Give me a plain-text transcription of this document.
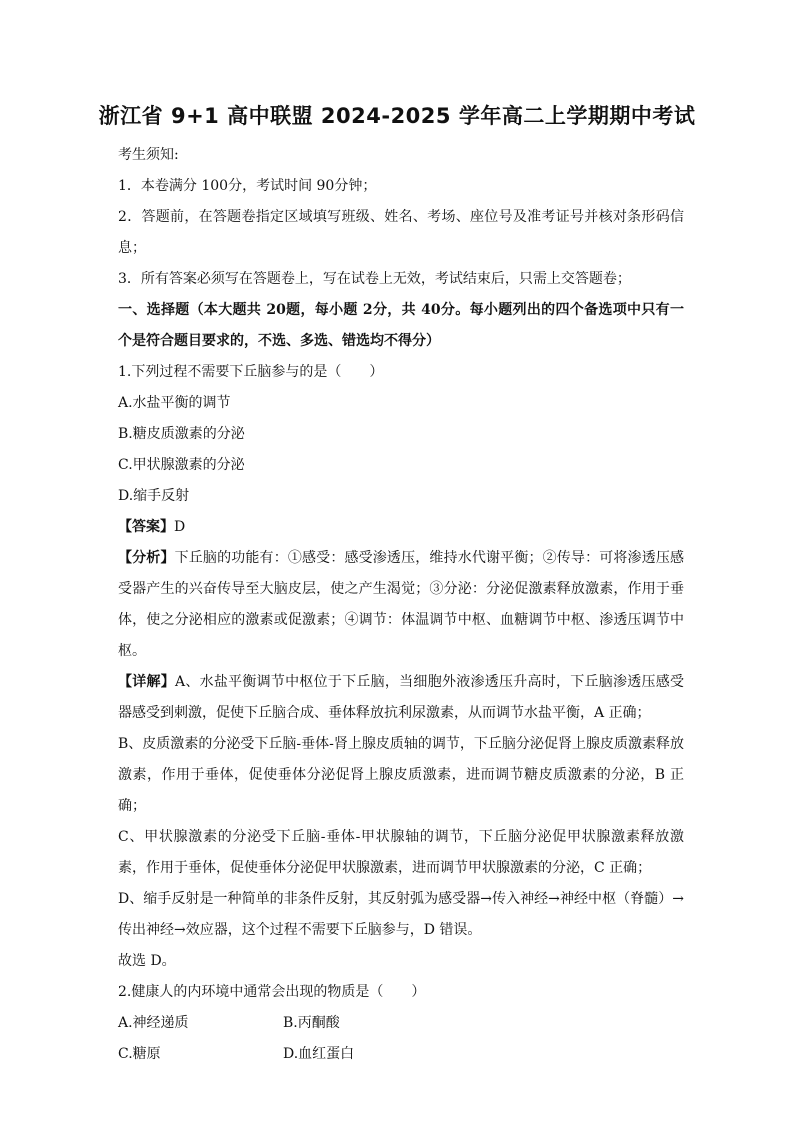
浙江省 9+1 高中联盟 2024-2025 学年高二上学期期中考试

考生须知:

1．本卷满分 100分，考试时间 90分钟；

2．答题前，在答题卷指定区域填写班级、姓名、考场、座位号及准考证号并核对条形码信息；

3．所有答案必须写在答题卷上，写在试卷上无效，考试结束后，只需上交答题卷；

一、选择题（本大题共 20题，每小题 2分，共 40分。每小题列出的四个备选项中只有一个是符合题目要求的，不选、多选、错选均不得分）

1.下列过程不需要下丘脑参与的是（　　）

A.水盐平衡的调节
B.糖皮质激素的分泌
C.甲状腺激素的分泌
D.缩手反射

【答案】D

【分析】下丘脑的功能有：①感受：感受渗透压，维持水代谢平衡；②传导：可将渗透压感受器产生的兴奋传导至大脑皮层，使之产生渴觉；③分泌：分泌促激素释放激素，作用于垂体，使之分泌相应的激素或促激素；④调节：体温调节中枢、血糖调节中枢、渗透压调节中枢。

【详解】A、水盐平衡调节中枢位于下丘脑，当细胞外液渗透压升高时，下丘脑渗透压感受器感受到刺激，促使下丘脑合成、垂体释放抗利尿激素，从而调节水盐平衡，A 正确；

B、皮质激素的分泌受下丘脑-垂体-肾上腺皮质轴的调节，下丘脑分泌促肾上腺皮质激素释放激素，作用于垂体，促使垂体分泌促肾上腺皮质激素，进而调节糖皮质激素的分泌，B 正确；

C、甲状腺激素的分泌受下丘脑-垂体-甲状腺轴的调节，下丘脑分泌促甲状腺激素释放激素，作用于垂体，促使垂体分泌促甲状腺激素，进而调节甲状腺激素的分泌，C 正确；

D、缩手反射是一种简单的非条件反射，其反射弧为感受器→传入神经→神经中枢（脊髓）→传出神经→效应器，这个过程不需要下丘脑参与，D 错误。

故选 D。

2.健康人的内环境中通常会出现的物质是（　　）

A.神经递质	B.丙酮酸
C.糖原	D.血红蛋白
